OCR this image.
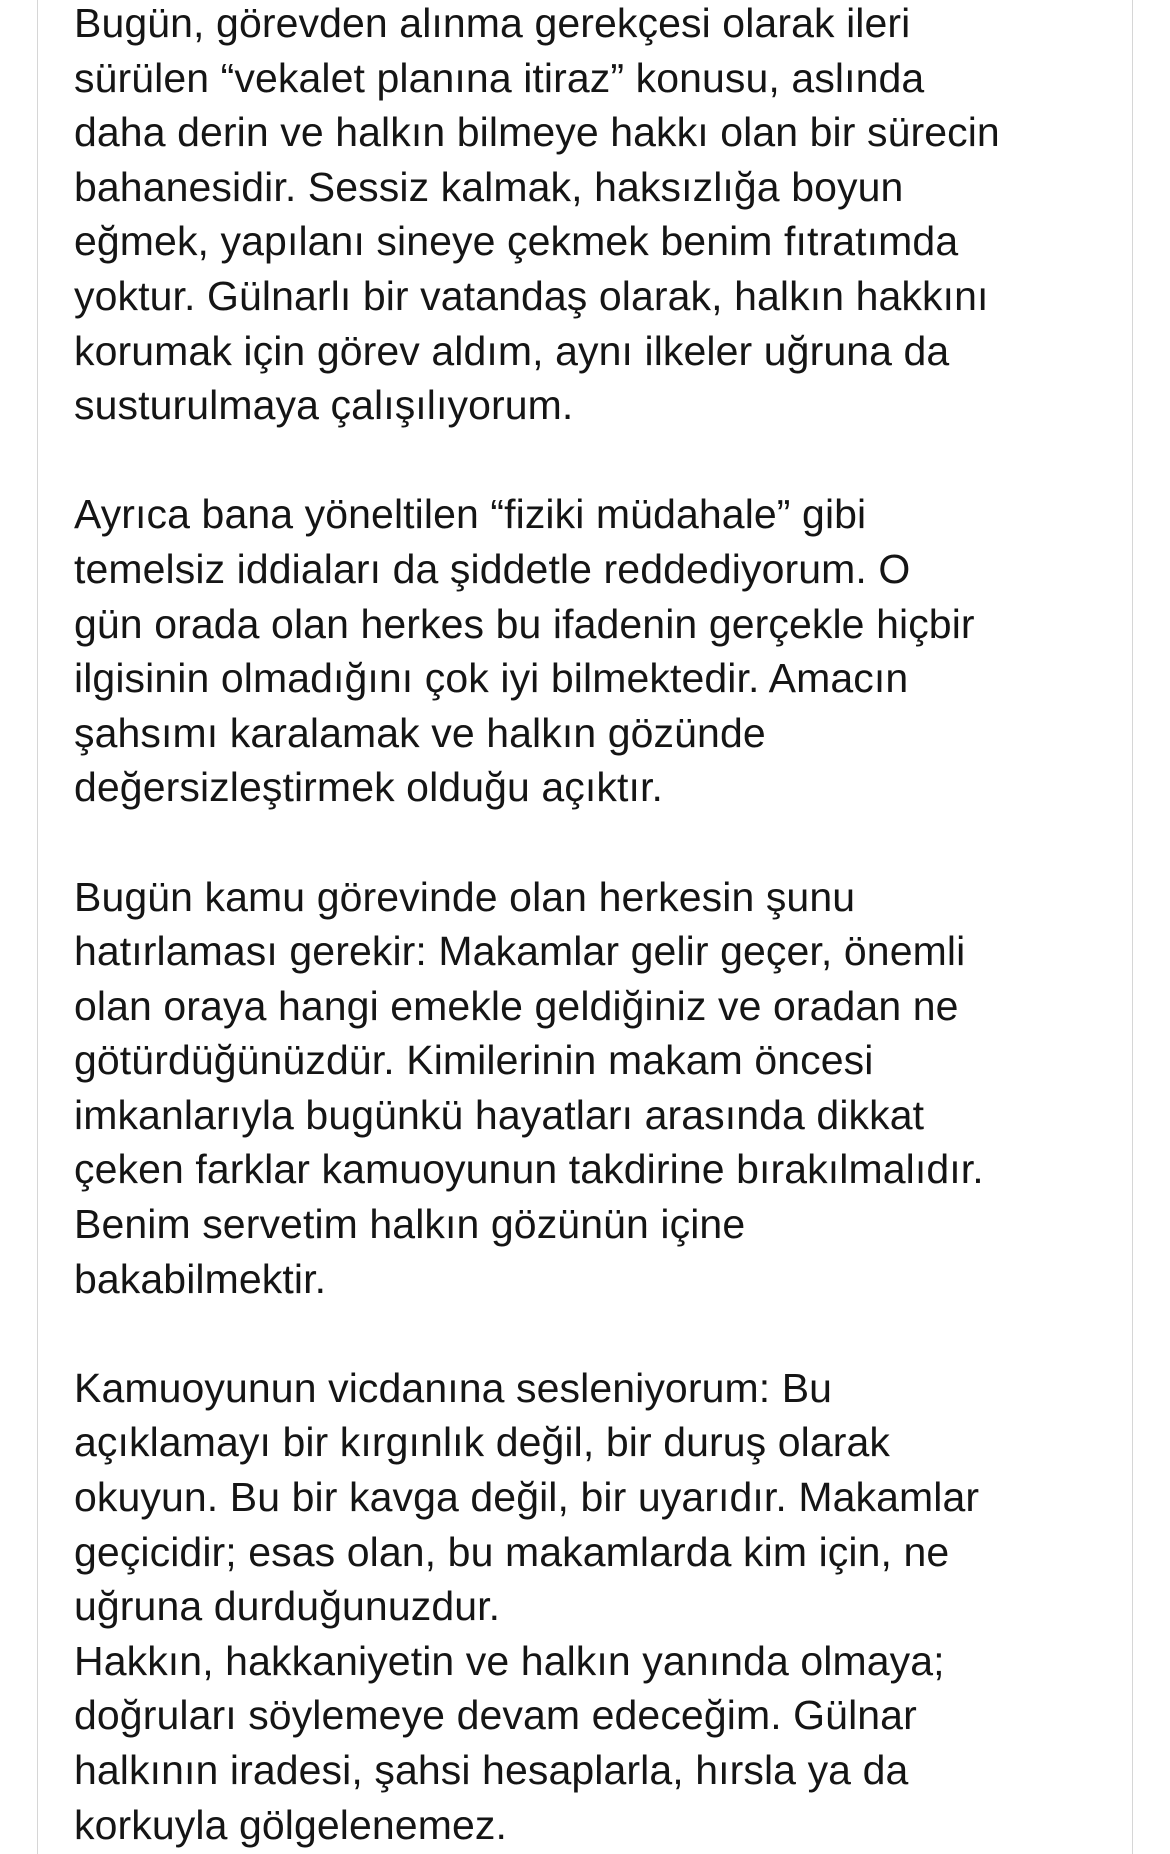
Bugün, görevden alınma gerekçesi olarak ileri
sürülen “vekalet planına itiraz” konusu, aslında
daha derin ve halkın bilmeye hakkı olan bir sürecin
bahanesidir. Sessiz kalmak, haksızlığa boyun
eğmek, yapılanı sineye çekmek benim fıtratımda
yoktur. Gülnarlı bir vatandaş olarak, halkın hakkını
korumak için görev aldım, aynı ilkeler uğruna da
susturulmaya çalışılıyorum.
Ayrıca bana yöneltilen “fiziki müdahale” gibi
temelsiz iddiaları da şiddetle reddediyorum. O
gün orada olan herkes bu ifadenin gerçekle hiçbir
ilgisinin olmadığını çok iyi bilmektedir. Amacın
şahsımı karalamak ve halkın gözünde
değersizleştirmek olduğu açıktır.
Bugün kamu görevinde olan herkesin şunu
hatırlaması gerekir: Makamlar gelir geçer, önemli
olan oraya hangi emekle geldiğiniz ve oradan ne
götürdüğünüzdür. Kimilerinin makam öncesi
imkanlarıyla bugünkü hayatları arasında dikkat
çeken farklar kamuoyunun takdirine bırakılmalıdır.
Benim servetim halkın gözünün içine
bakabilmektir.
Kamuoyunun vicdanına sesleniyorum: Bu
açıklamayı bir kırgınlık değil, bir duruş olarak
okuyun. Bu bir kavga değil, bir uyarıdır. Makamlar
geçicidir; esas olan, bu makamlarda kim için, ne
uğruna durduğunuzdur.
Hakkın, hakkaniyetin ve halkın yanında olmaya;
doğruları söylemeye devam edeceğim. Gülnar
halkının iradesi, şahsi hesaplarla, hırsla ya da
korkuyla gölgelenemez.
